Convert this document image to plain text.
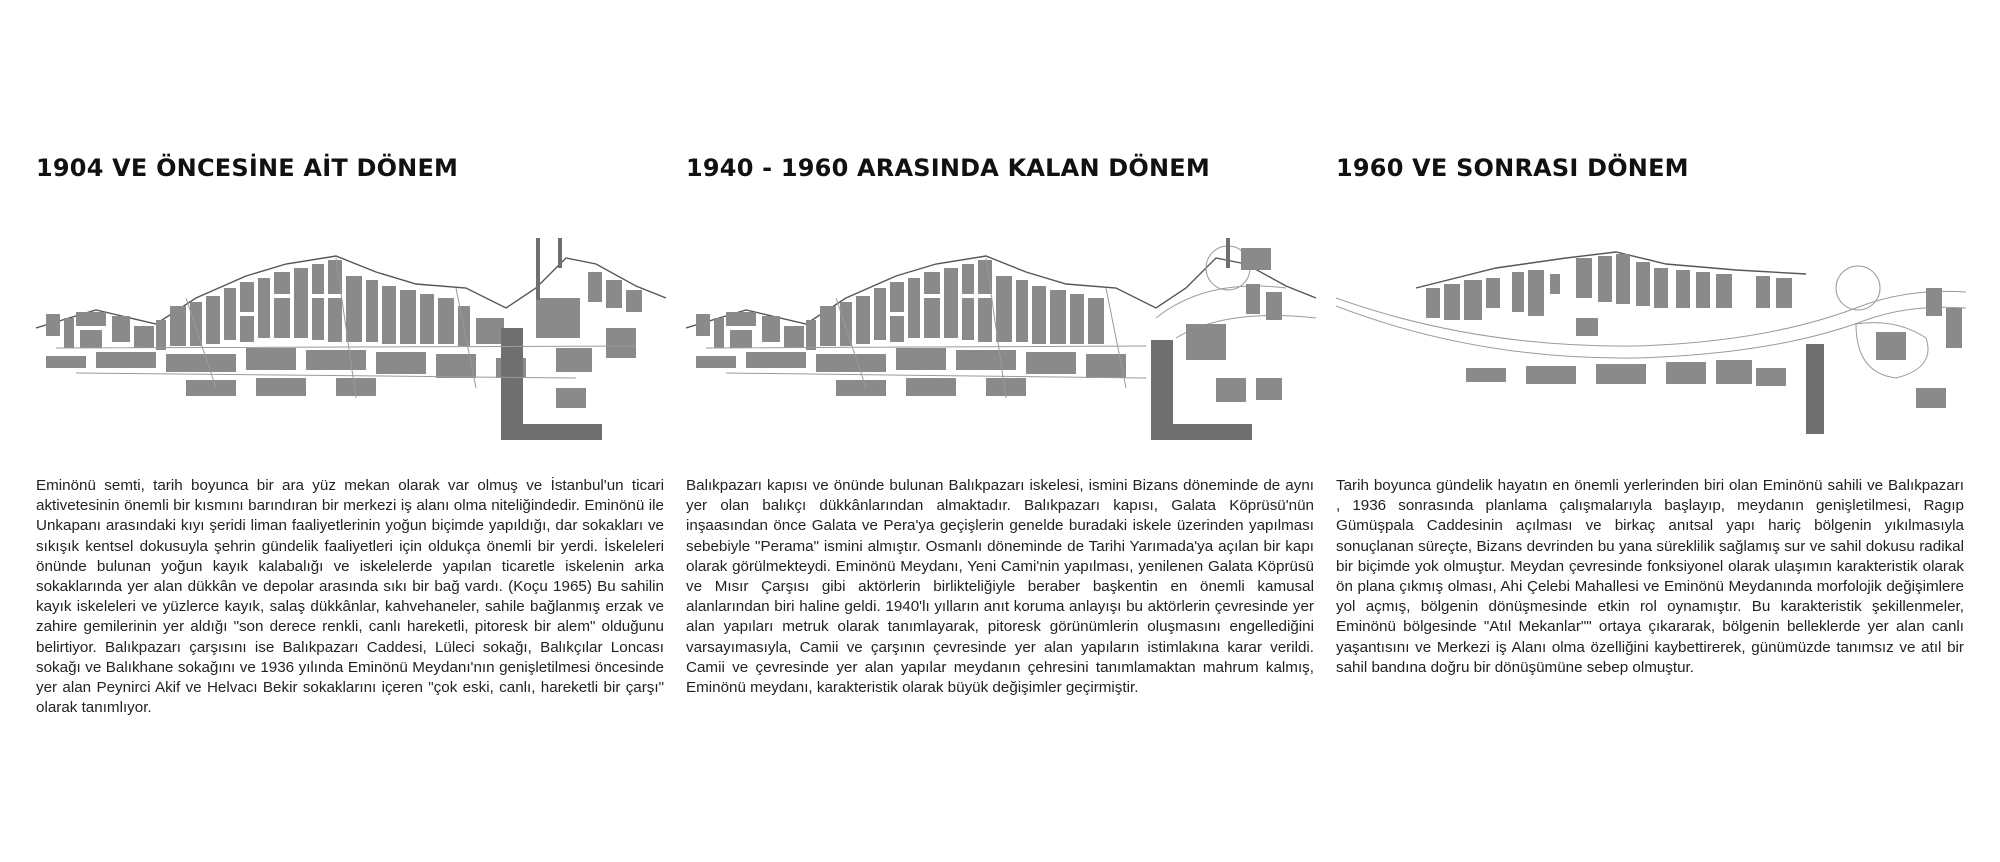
1904 VE ÖNCESİNE AİT DÖNEM

Eminönü semti, tarih boyunca bir ara yüz mekan olarak var olmuş ve İstanbul'un ticari aktivetesinin önemli bir kısmını barındıran bir merkezi iş alanı olma niteliğindedir. Eminönü ile Unkapanı arasındaki kıyı şeridi liman faaliyetlerinin yoğun biçimde yapıldığı, dar sokakları ve sıkışık kentsel dokusuyla şehrin gündelik faaliyetleri için oldukça önemli bir yerdi. İskeleleri önünde bulunan yoğun kayık kalabalığı ve iskelelerde yapılan ticaretle iskelenin arka sokaklarında yer alan dükkân ve depolar arasında sıkı bir bağ vardı. (Koçu 1965) Bu sahilin kayık iskeleleri ve yüzlerce kayık, salaş dükkânlar, kahvehaneler, sahile bağlanmış erzak ve zahire gemilerinin yer aldığı "son derece renkli, canlı hareketli, pitoresk bir alem" olduğunu belirtiyor. Balıkpazarı çarşısını ise Balıkpazarı Caddesi, Lüleci sokağı, Balıkçılar Loncası sokağı ve Balıkhane sokağını ve 1936 yılında Eminönü Meydanı'nın genişletilmesi öncesinde yer alan Peynirci Akif ve Helvacı Bekir sokaklarını içeren "çok eski, canlı, hareketli bir çarşı" olarak tanımlıyor.

1940 - 1960 ARASINDA KALAN DÖNEM

Balıkpazarı kapısı ve önünde bulunan Balıkpazarı iskelesi, ismini Bizans döneminde de aynı yer olan balıkçı dükkânlarından almaktadır. Balıkpazarı kapısı, Galata Köprüsü'nün inşaasından önce Galata ve Pera'ya geçişlerin genelde buradaki iskele üzerinden yapılması sebebiyle "Perama" ismini almıştır. Osmanlı döneminde de Tarihi Yarımada'ya açılan bir kapı olarak görülmekteydi. Eminönü Meydanı, Yeni Cami'nin yapılması, yenilenen Galata Köprüsü ve Mısır Çarşısı gibi aktörlerin birlikteliğiyle beraber başkentin en önemli kamusal alanlarından biri haline geldi. 1940'lı yılların anıt koruma anlayışı bu aktörlerin çevresinde yer alan yapıları metruk olarak tanımlayarak, pitoresk görünümlerin oluşmasını engellediğini varsayımasıyla, Camii ve çarşının çevresinde yer alan yapıların istimlakına karar verildi. Camii ve çevresinde yer alan yapılar meydanın çehresini tanımlamaktan mahrum kalmış, Eminönü meydanı, karakteristik olarak büyük değişimler geçirmiştir.

1960 VE SONRASI DÖNEM

Tarih boyunca gündelik hayatın en önemli yerlerinden biri olan Eminönü sahili ve Balıkpazarı , 1936 sonrasında planlama çalışmalarıyla başlayıp, meydanın genişletilmesi, Ragıp Gümüşpala Caddesinin açılması ve birkaç anıtsal yapı hariç bölgenin yıkılmasıyla sonuçlanan süreçte, Bizans devrinden bu yana süreklilik sağlamış sur ve sahil dokusu radikal bir biçimde yok olmuştur. Meydan çevresinde fonksiyonel olarak ulaşımın karakteristik olarak ön plana çıkmış olması, Ahi Çelebi Mahallesi ve Eminönü Meydanında morfolojik değişimlere yol açmış, bölgenin dönüşmesinde etkin rol oynamıştır. Bu karakteristik şekillenmeler, Eminönü bölgesinde "Atıl Mekanlar"" ortaya çıkararak, bölgenin belleklerde yer alan canlı yaşantısını ve Merkezi iş Alanı olma özelliğini kaybettirerek, günümüzde tanımsız ve atıl bir sahil bandına doğru bir dönüşümüne sebep olmuştur.
